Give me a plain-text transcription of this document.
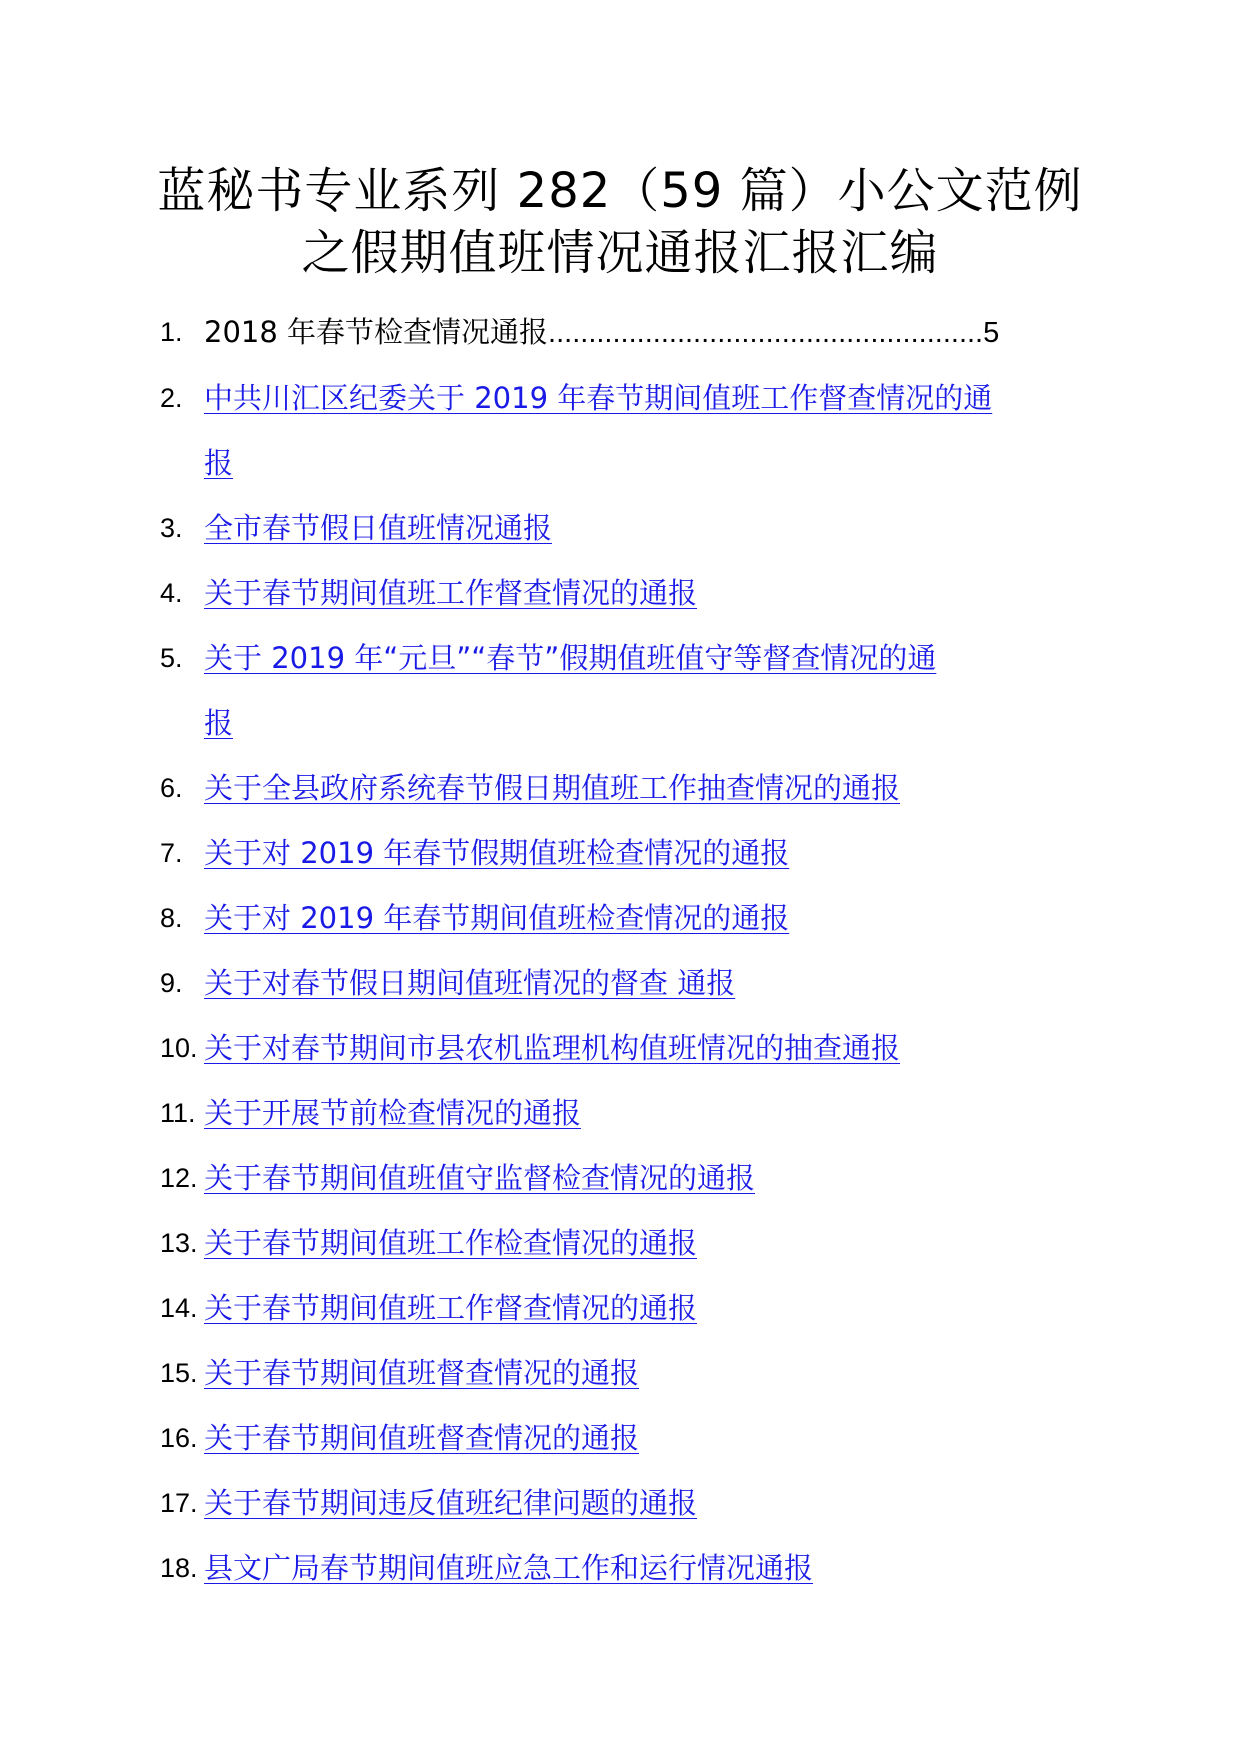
蓝秘书专业系列 282（59 篇）小公文范例
之假期值班情况通报汇报汇编
1. 2018 年春节检查情况通报......................................................5
2. 中共川汇区纪委关于 2019 年春节期间值班工作督查情况的通
报
3. 全市春节假日值班情况通报
4. 关于春节期间值班工作督查情况的通报
5. 关于 2019 年“元旦”“春节”假期值班值守等督查情况的通
报
6. 关于全县政府系统春节假日期值班工作抽查情况的通报
7. 关于对 2019 年春节假期值班检查情况的通报
8. 关于对 2019 年春节期间值班检查情况的通报
9. 关于对春节假日期间值班情况的督查 通报
10. 关于对春节期间市县农机监理机构值班情况的抽查通报
11. 关于开展节前检查情况的通报
12. 关于春节期间值班值守监督检查情况的通报
13. 关于春节期间值班工作检查情况的通报
14. 关于春节期间值班工作督查情况的通报
15. 关于春节期间值班督查情况的通报
16. 关于春节期间值班督查情况的通报
17. 关于春节期间违反值班纪律问题的通报
18. 县文广局春节期间值班应急工作和运行情况通报
